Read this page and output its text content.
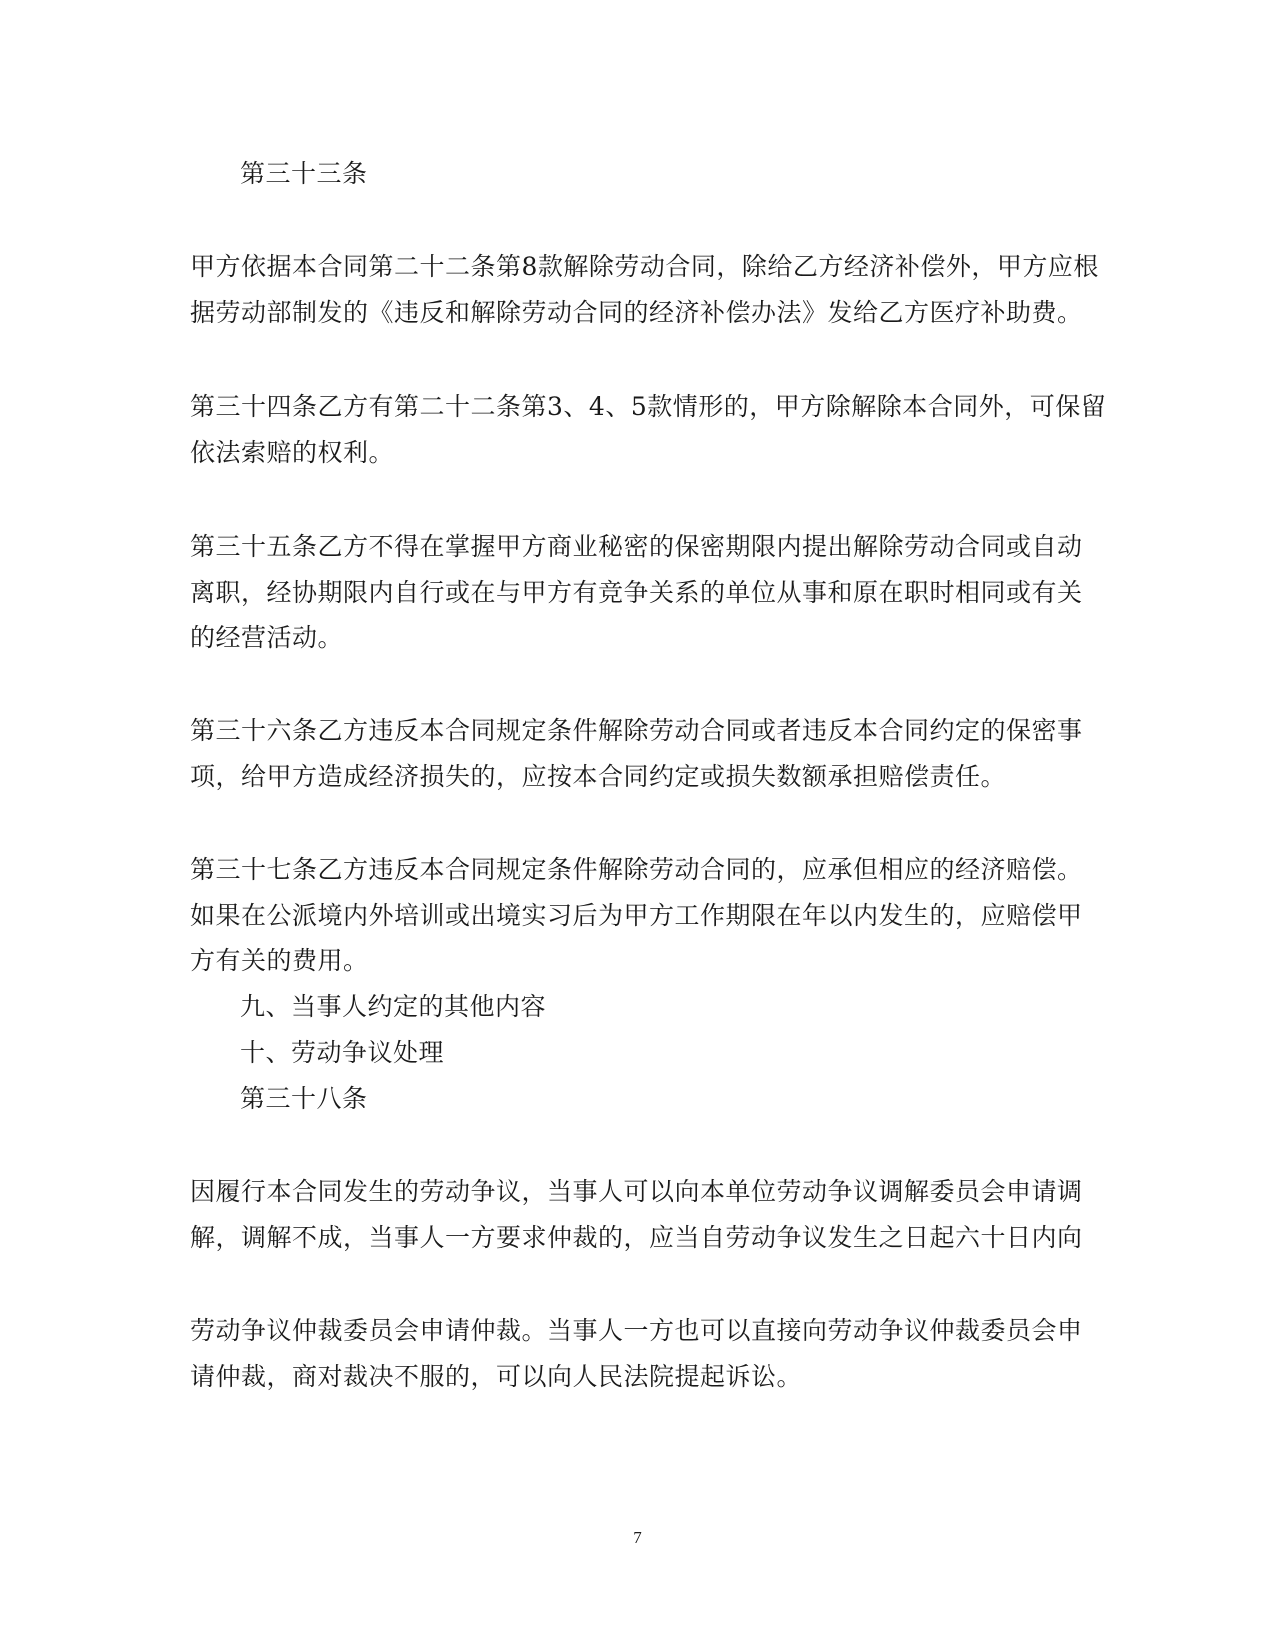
第三十三条
甲方依据本合同第二十二条第8款解除劳动合同，除给乙方经济补偿外，甲方应根
据劳动部制发的《违反和解除劳动合同的经济补偿办法》发给乙方医疗补助费。
第三十四条乙方有第二十二条第3、4、5款情形的，甲方除解除本合同外，可保留
依法索赔的权利。
第三十五条乙方不得在掌握甲方商业秘密的保密期限内提出解除劳动合同或自动
离职，经协期限内自行或在与甲方有竞争关系的单位从事和原在职时相同或有关
的经营活动。
第三十六条乙方违反本合同规定条件解除劳动合同或者违反本合同约定的保密事
项，给甲方造成经济损失的，应按本合同约定或损失数额承担赔偿责任。
第三十七条乙方违反本合同规定条件解除劳动合同的，应承但相应的经济赔偿。
如果在公派境内外培训或出境实习后为甲方工作期限在年以内发生的，应赔偿甲
方有关的费用。
九、当事人约定的其他内容
十、劳动争议处理
第三十八条
因履行本合同发生的劳动争议，当事人可以向本单位劳动争议调解委员会申请调
解，调解不成，当事人一方要求仲裁的，应当自劳动争议发生之日起六十日内向
劳动争议仲裁委员会申请仲裁。当事人一方也可以直接向劳动争议仲裁委员会申
请仲裁，商对裁决不服的，可以向人民法院提起诉讼。
7
